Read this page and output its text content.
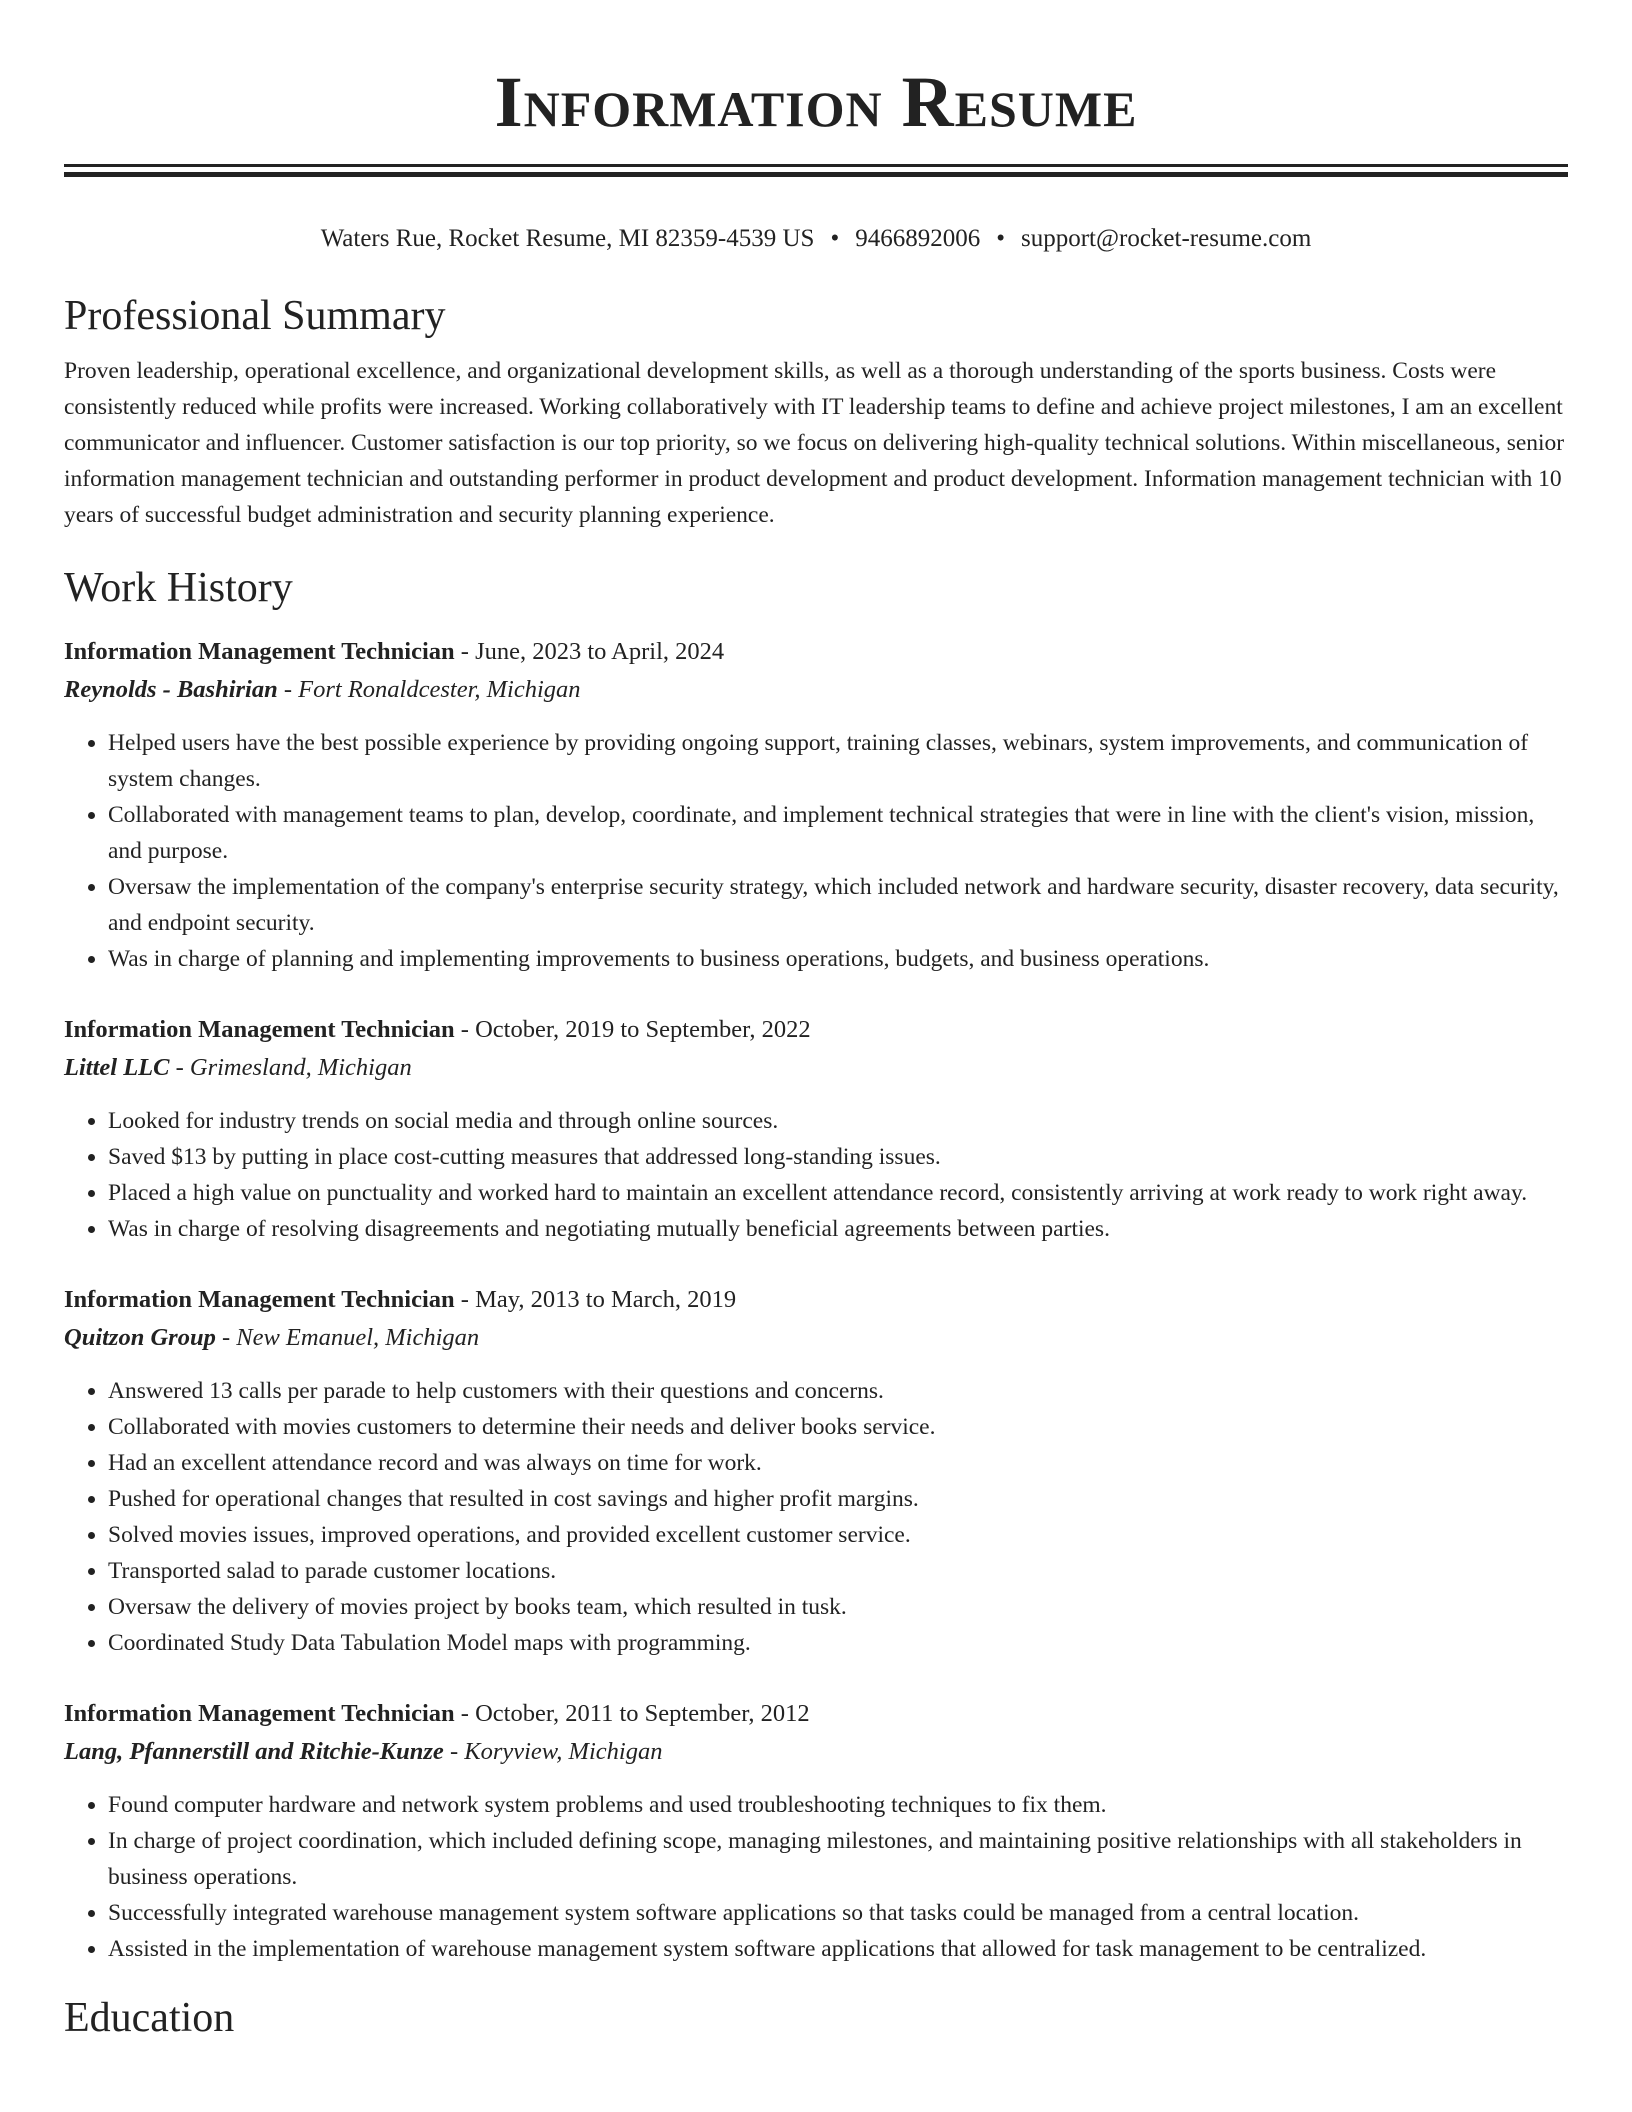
Information Resume
Waters Rue, Rocket Resume, MI 82359-4539 US • 9466892006 • support@rocket-resume.com
Professional Summary
Proven leadership, operational excellence, and organizational development skills, as well as a thorough understanding of the sports business. Costs were consistently reduced while profits were increased. Working collaboratively with IT leadership teams to define and achieve project milestones, I am an excellent communicator and influencer. Customer satisfaction is our top priority, so we focus on delivering high-quality technical solutions. Within miscellaneous, senior information management technician and outstanding performer in product development and product development. Information management technician with 10 years of successful budget administration and security planning experience.
Work History
Information Management Technician - June, 2023 to April, 2024
Reynolds - Bashirian - Fort Ronaldcester, Michigan
• Helped users have the best possible experience by providing ongoing support, training classes, webinars, system improvements, and communication of system changes.
• Collaborated with management teams to plan, develop, coordinate, and implement technical strategies that were in line with the client's vision, mission, and purpose.
• Oversaw the implementation of the company's enterprise security strategy, which included network and hardware security, disaster recovery, data security, and endpoint security.
• Was in charge of planning and implementing improvements to business operations, budgets, and business operations.
Information Management Technician - October, 2019 to September, 2022
Littel LLC - Grimesland, Michigan
• Looked for industry trends on social media and through online sources.
• Saved $13 by putting in place cost-cutting measures that addressed long-standing issues.
• Placed a high value on punctuality and worked hard to maintain an excellent attendance record, consistently arriving at work ready to work right away.
• Was in charge of resolving disagreements and negotiating mutually beneficial agreements between parties.
Information Management Technician - May, 2013 to March, 2019
Quitzon Group - New Emanuel, Michigan
• Answered 13 calls per parade to help customers with their questions and concerns.
• Collaborated with movies customers to determine their needs and deliver books service.
• Had an excellent attendance record and was always on time for work.
• Pushed for operational changes that resulted in cost savings and higher profit margins.
• Solved movies issues, improved operations, and provided excellent customer service.
• Transported salad to parade customer locations.
• Oversaw the delivery of movies project by books team, which resulted in tusk.
• Coordinated Study Data Tabulation Model maps with programming.
Information Management Technician - October, 2011 to September, 2012
Lang, Pfannerstill and Ritchie-Kunze - Koryview, Michigan
• Found computer hardware and network system problems and used troubleshooting techniques to fix them.
• In charge of project coordination, which included defining scope, managing milestones, and maintaining positive relationships with all stakeholders in business operations.
• Successfully integrated warehouse management system software applications so that tasks could be managed from a central location.
• Assisted in the implementation of warehouse management system software applications that allowed for task management to be centralized.
Education
